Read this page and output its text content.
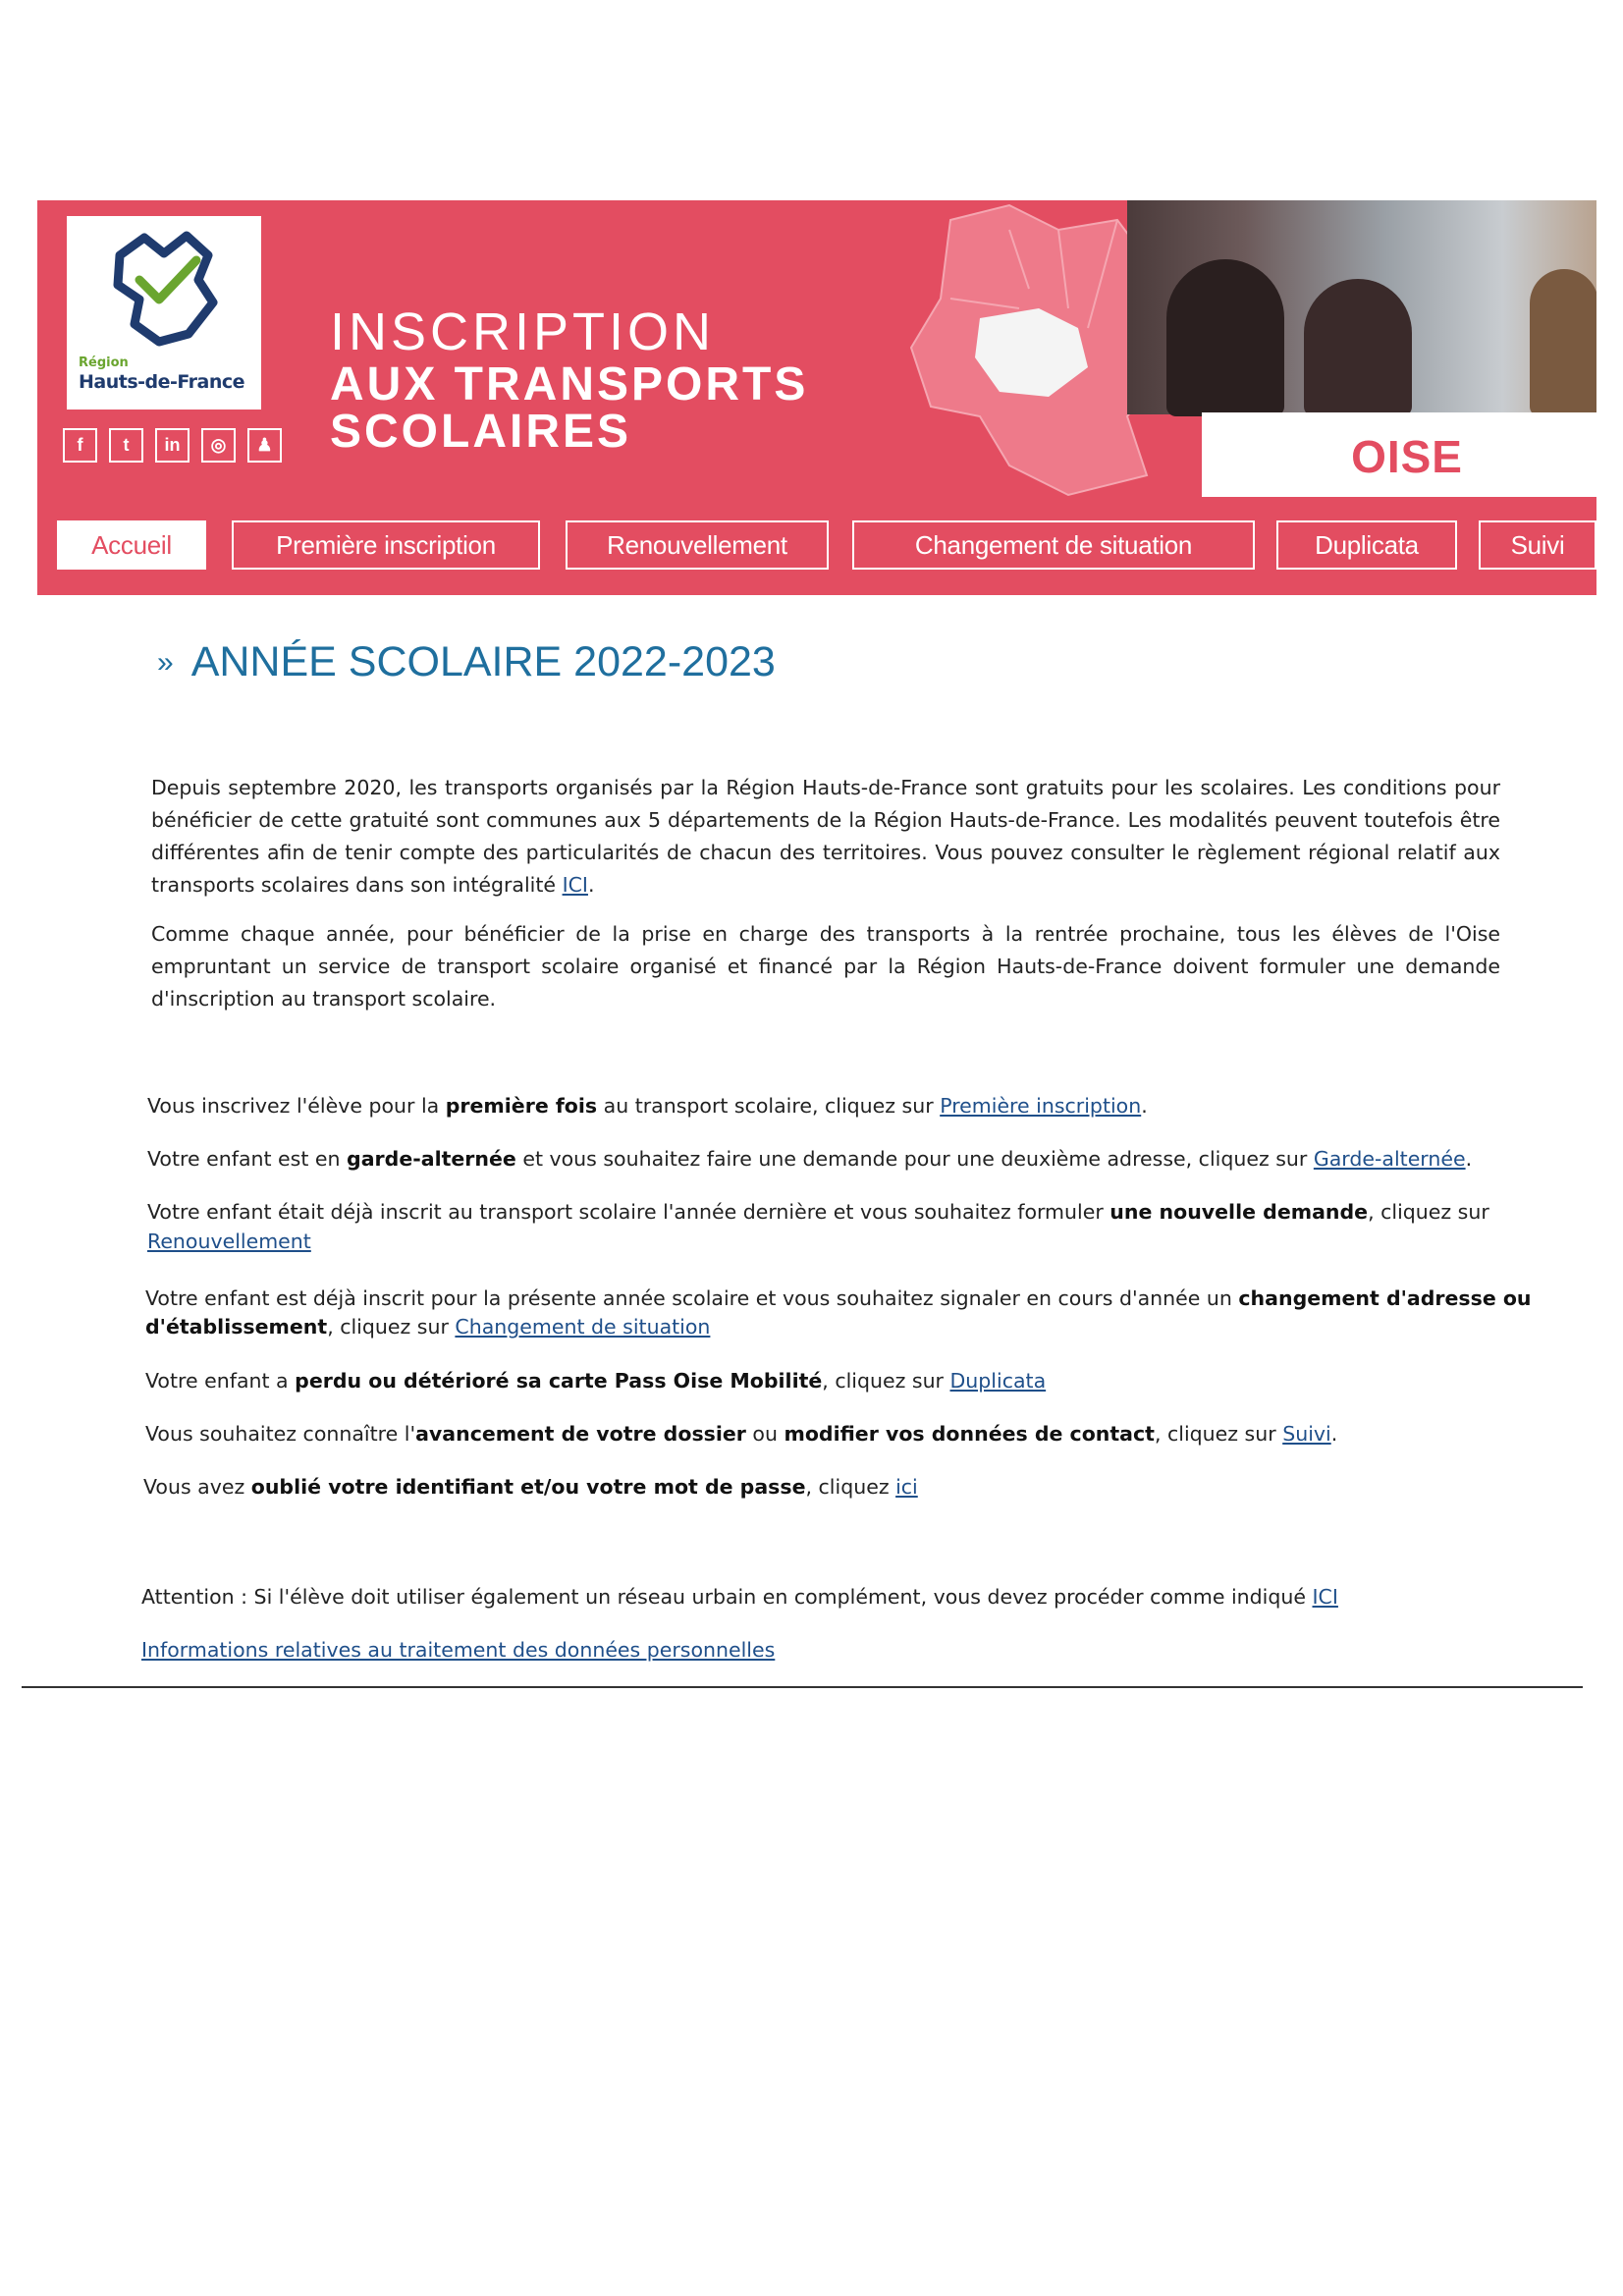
Région
Hauts-de-France
f	t	in	◎	♟
INSCRIPTION
AUX TRANSPORTS
SCOLAIRES	OISE
Accueil	Première inscription	Renouvellement	Changement de situation	Duplicata	Suivi
» ANNÉE SCOLAIRE 2022-2023

Depuis septembre 2020, les transports organisés par la Région Hauts-de-France sont gratuits pour les scolaires. Les conditions pour bénéficier de cette gratuité sont communes aux 5 départements de la Région Hauts-de-France. Les modalités peuvent toutefois être différentes afin de tenir compte des particularités de chacun des territoires. Vous pouvez consulter le règlement régional relatif aux transports scolaires dans son intégralité ICI.

Comme chaque année, pour bénéficier de la prise en charge des transports à la rentrée prochaine, tous les élèves de l'Oise empruntant un service de transport scolaire organisé et financé par la Région Hauts-de-France doivent formuler une demande d'inscription au transport scolaire.

Vous inscrivez l'élève pour la première fois au transport scolaire, cliquez sur Première inscription.

Votre enfant est en garde-alternée et vous souhaitez faire une demande pour une deuxième adresse, cliquez sur Garde-alternée.

Votre enfant était déjà inscrit au transport scolaire l'année dernière et vous souhaitez formuler une nouvelle demande, cliquez sur

Renouvellement

Votre enfant est déjà inscrit pour la présente année scolaire et vous souhaitez signaler en cours d'année un changement d'adresse ou

d'établissement, cliquez sur Changement de situation

Votre enfant a perdu ou détérioré sa carte Pass Oise Mobilité, cliquez sur Duplicata

Vous souhaitez connaître l'avancement de votre dossier ou modifier vos données de contact, cliquez sur Suivi.

Vous avez oublié votre identifiant et/ou votre mot de passe, cliquez ici

Attention : Si l'élève doit utiliser également un réseau urbain en complément, vous devez procéder comme indiqué ICI

Informations relatives au traitement des données personnelles
